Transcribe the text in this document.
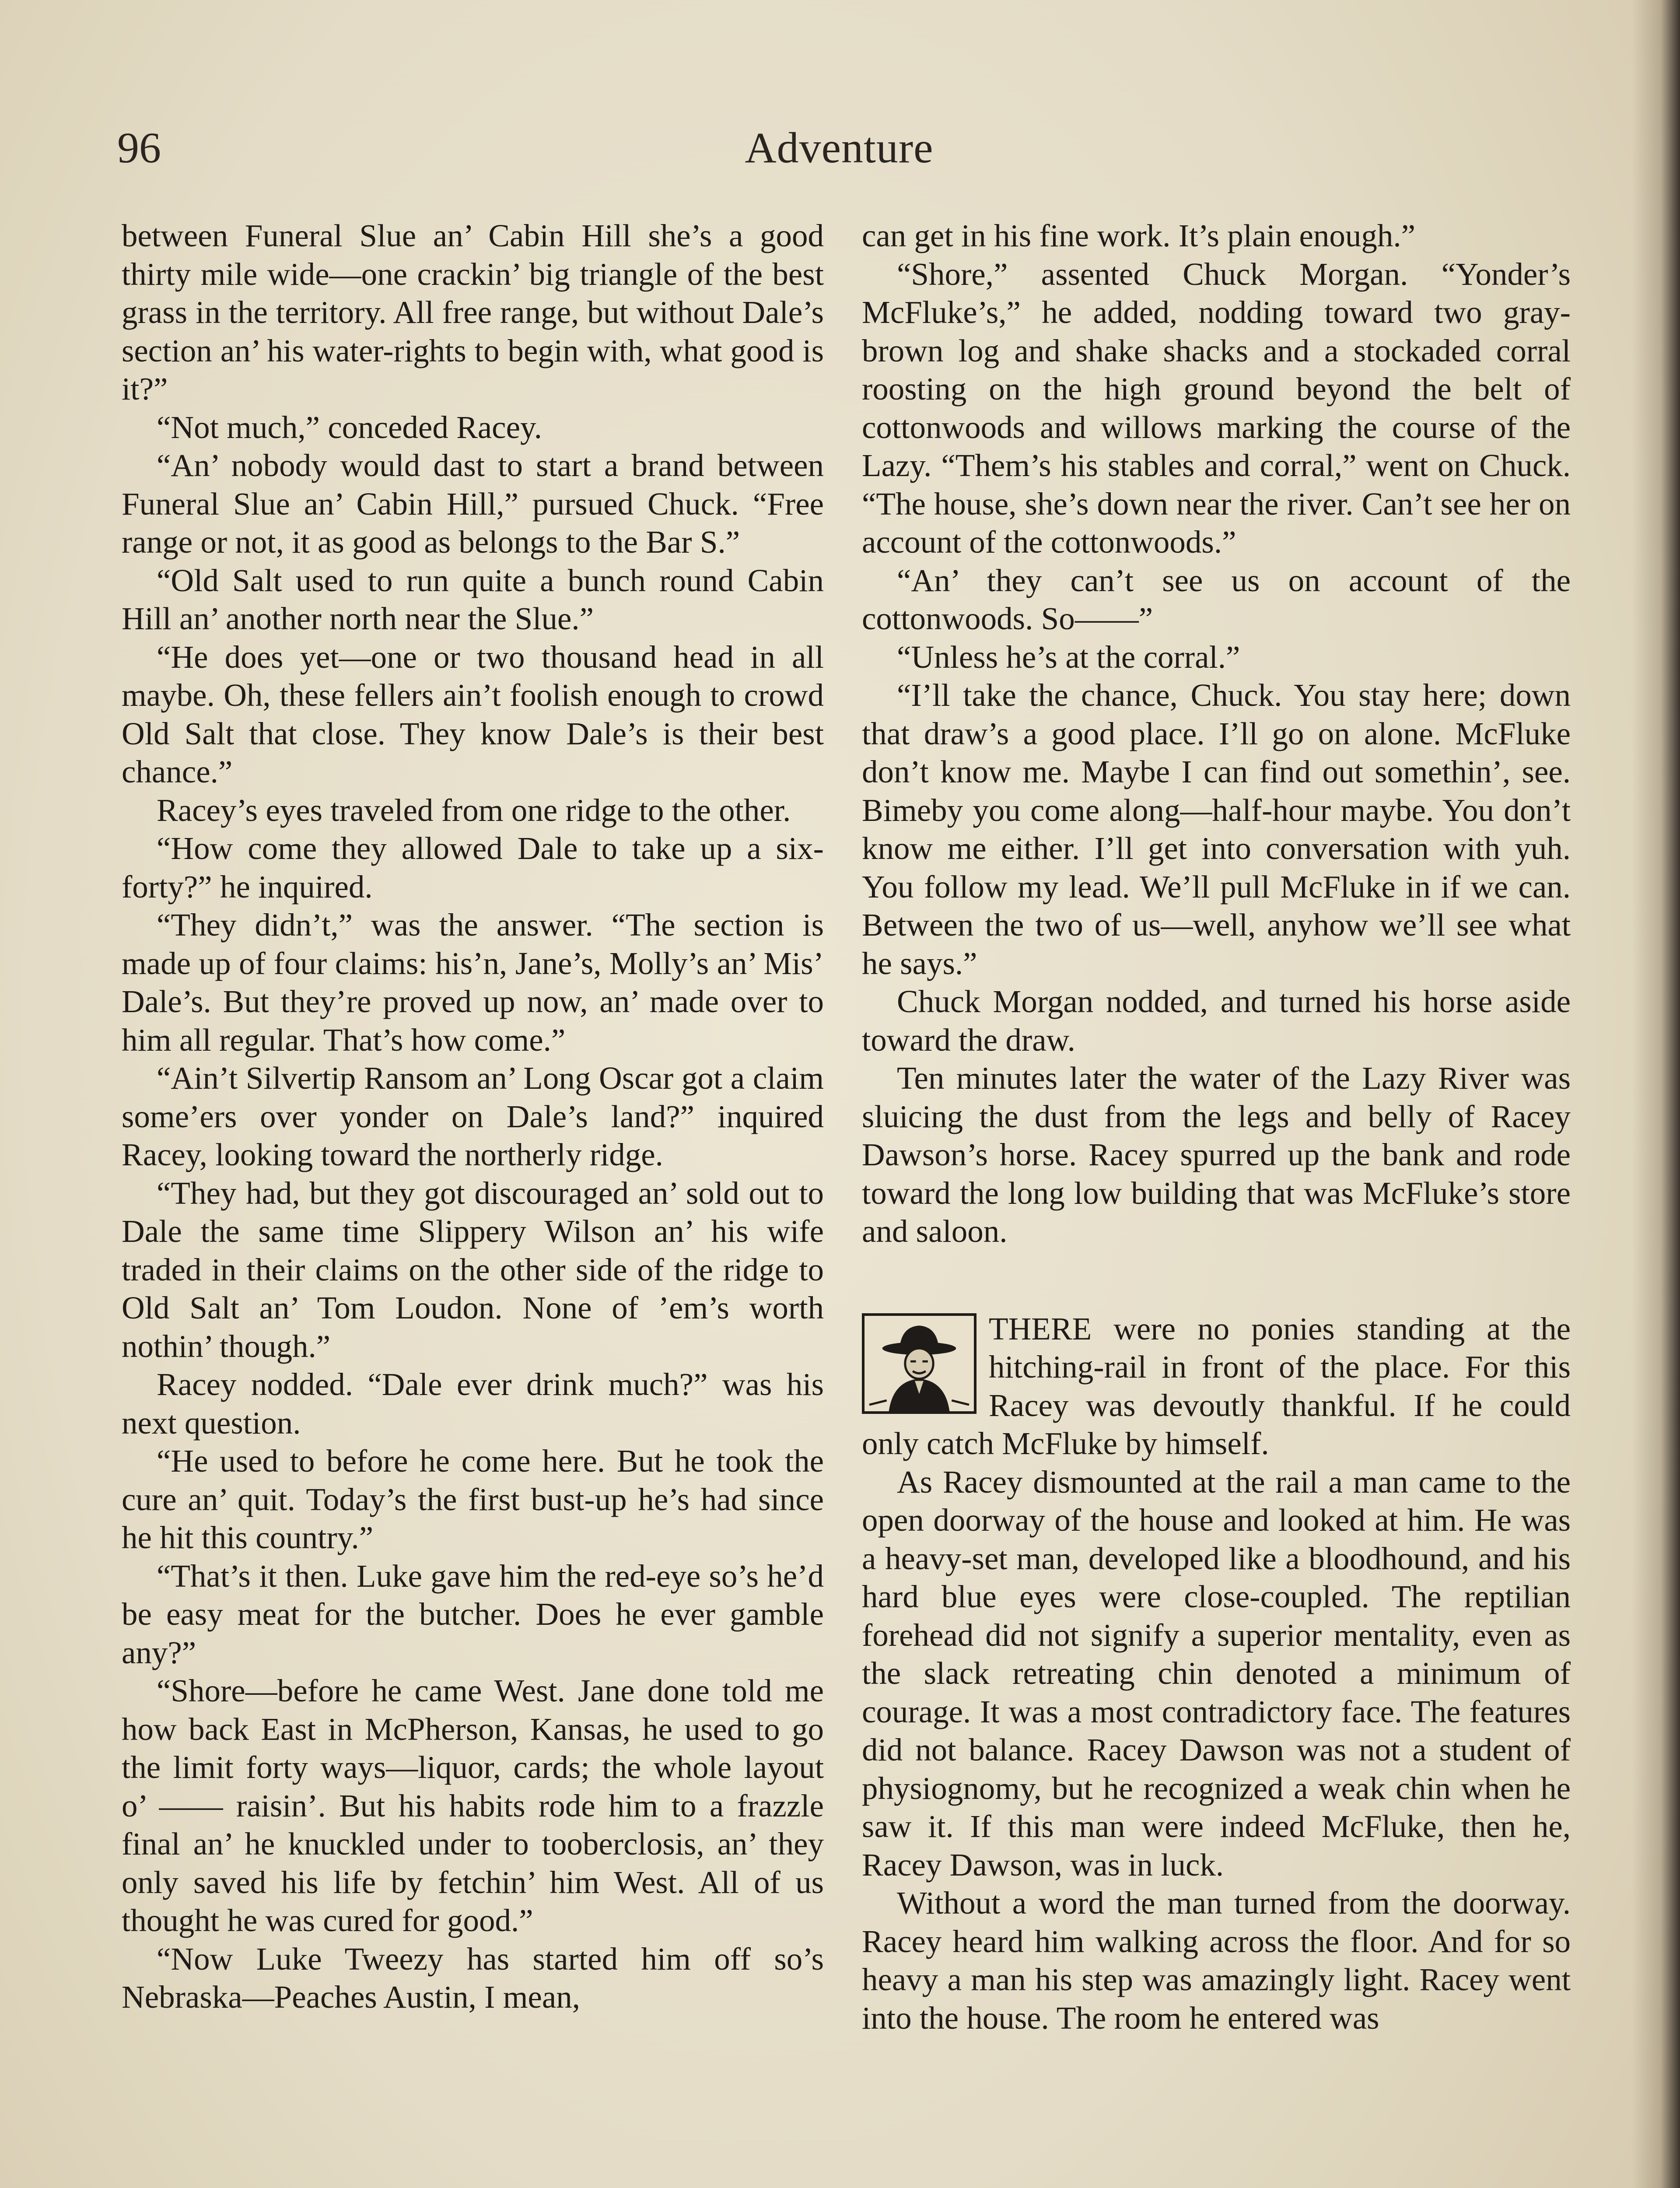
96	Adventure

between Funeral Slue an’ Cabin Hill she’s a good thirty mile wide—one crackin’ big triangle of the best grass in the territory. All free range, but without Dale’s section an’ his water-rights to begin with, what good is it?”

“Not much,” conceded Racey.

“An’ nobody would dast to start a brand between Funeral Slue an’ Cabin Hill,” pursued Chuck. “Free range or not, it as good as belongs to the Bar S.”

“Old Salt used to run quite a bunch round Cabin Hill an’ another north near the Slue.”

“He does yet—one or two thousand head in all maybe. Oh, these fellers ain’t foolish enough to crowd Old Salt that close. They know Dale’s is their best chance.”

Racey’s eyes traveled from one ridge to the other.

“How come they allowed Dale to take up a six-forty?” he inquired.

“They didn’t,” was the answer. “The section is made up of four claims: his’n, Jane’s, Molly’s an’ Mis’ Dale’s. But they’re proved up now, an’ made over to him all regular. That’s how come.”

“Ain’t Silvertip Ransom an’ Long Oscar got a claim some’ers over yonder on Dale’s land?” inquired Racey, looking toward the northerly ridge.

“They had, but they got discouraged an’ sold out to Dale the same time Slippery Wilson an’ his wife traded in their claims on the other side of the ridge to Old Salt an’ Tom Loudon. None of ’em’s worth nothin’ though.”

Racey nodded. “Dale ever drink much?” was his next question.

“He used to before he come here. But he took the cure an’ quit. Today’s the first bust-up he’s had since he hit this country.”

“That’s it then. Luke gave him the red-eye so’s he’d be easy meat for the butcher. Does he ever gamble any?”

“Shore—before he came West. Jane done told me how back East in McPherson, Kansas, he used to go the limit forty ways—liquor, cards; the whole layout o’ —— raisin’. But his habits rode him to a frazzle final an’ he knuckled under to tooberclosis, an’ they only saved his life by fetchin’ him West. All of us thought he was cured for good.”

“Now Luke Tweezy has started him off so’s Nebraska—Peaches Austin, I mean,

can get in his fine work. It’s plain enough.”

“Shore,” assented Chuck Morgan. “Yonder’s McFluke’s,” he added, nodding toward two gray-brown log and shake shacks and a stockaded corral roosting on the high ground beyond the belt of cottonwoods and willows marking the course of the Lazy. “Them’s his stables and corral,” went on Chuck. “The house, she’s down near the river. Can’t see her on account of the cottonwoods.”

“An’ they can’t see us on account of the cottonwoods. So——”

“Unless he’s at the corral.”

“I’ll take the chance, Chuck. You stay here; down that draw’s a good place. I’ll go on alone. McFluke don’t know me. Maybe I can find out somethin’, see. Bimeby you come along—half-hour maybe. You don’t know me either. I’ll get into conversation with yuh. You follow my lead. We’ll pull McFluke in if we can. Between the two of us—well, anyhow we’ll see what he says.”

Chuck Morgan nodded, and turned his horse aside toward the draw.

Ten minutes later the water of the Lazy River was sluicing the dust from the legs and belly of Racey Dawson’s horse. Racey spurred up the bank and rode toward the long low building that was McFluke’s store and saloon.

THERE were no ponies standing at the hitching-rail in front of the place. For this Racey was devoutly thankful. If he could only catch McFluke by himself.

As Racey dismounted at the rail a man came to the open doorway of the house and looked at him. He was a heavy-set man, developed like a bloodhound, and his hard blue eyes were close-coupled. The reptilian forehead did not signify a superior mentality, even as the slack retreating chin denoted a minimum of courage. It was a most contradictory face. The features did not balance. Racey Dawson was not a student of physiognomy, but he recognized a weak chin when he saw it. If this man were indeed McFluke, then he, Racey Dawson, was in luck.

Without a word the man turned from the doorway. Racey heard him walking across the floor. And for so heavy a man his step was amazingly light. Racey went into the house. The room he entered was
